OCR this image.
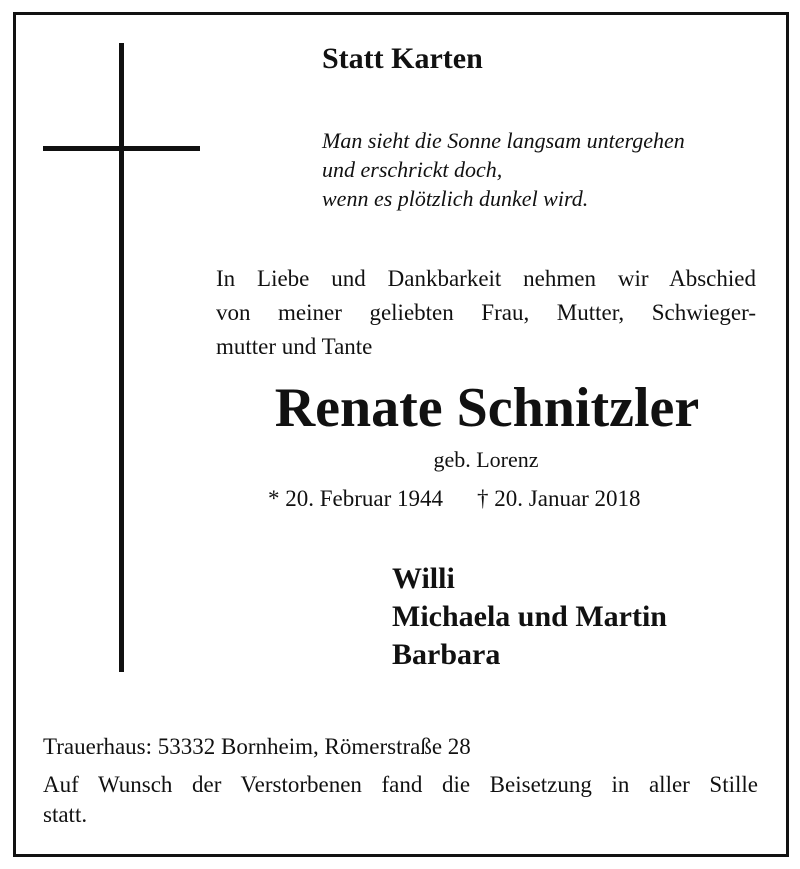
Statt Karten
Man sieht die Sonne langsam untergehen
und erschrickt doch,
wenn es plötzlich dunkel wird.
In Liebe und Dankbarkeit nehmen wir Abschied
von meiner geliebten Frau, Mutter, Schwieger-
mutter und Tante
Renate Schnitzler
geb. Lorenz
* 20. Februar 1944 † 20. Januar 2018
Willi
Michaela und Martin
Barbara
Trauerhaus: 53332 Bornheim, Römerstraße 28
Auf Wunsch der Verstorbenen fand die Beisetzung in aller Stille
statt.
